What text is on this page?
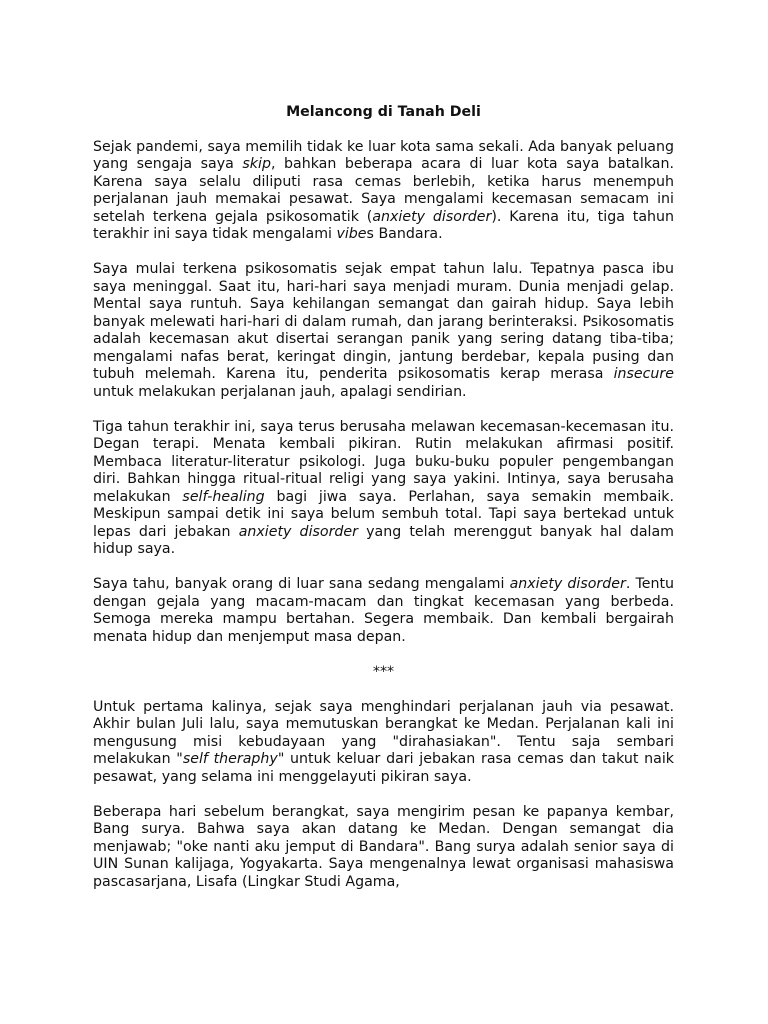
Melancong di Tanah Deli
Sejak pandemi, saya memilih tidak ke luar kota sama sekali. Ada banyak peluang yang sengaja saya skip, bahkan beberapa acara di luar kota saya batalkan. Karena saya selalu diliputi rasa cemas berlebih, ketika harus menempuh perjalanan jauh memakai pesawat. Saya mengalami kecemasan semacam ini setelah terkena gejala psikosomatik (anxiety disorder). Karena itu, tiga tahun terakhir ini saya tidak mengalami vibes Bandara.
Saya mulai terkena psikosomatis sejak empat tahun lalu. Tepatnya pasca ibu saya meninggal. Saat itu, hari-hari saya menjadi muram. Dunia menjadi gelap. Mental saya runtuh. Saya kehilangan semangat dan gairah hidup. Saya lebih banyak melewati hari-hari di dalam rumah, dan jarang berinteraksi. Psikosomatis adalah kecemasan akut disertai serangan panik yang sering datang tiba-tiba; mengalami nafas berat, keringat dingin, jantung berdebar, kepala pusing dan tubuh melemah. Karena itu, penderita psikosomatis kerap merasa insecure untuk melakukan perjalanan jauh, apalagi sendirian.
Tiga tahun terakhir ini, saya terus berusaha melawan kecemasan-kecemasan itu. Degan terapi. Menata kembali pikiran. Rutin melakukan afirmasi positif. Membaca literatur-literatur psikologi. Juga buku-buku populer pengembangan diri. Bahkan hingga ritual-ritual religi yang saya yakini. Intinya, saya berusaha melakukan self-healing bagi jiwa saya. Perlahan, saya semakin membaik. Meskipun sampai detik ini saya belum sembuh total. Tapi saya bertekad untuk lepas dari jebakan anxiety disorder yang telah merenggut banyak hal dalam hidup saya.
Saya tahu, banyak orang di luar sana sedang mengalami anxiety disorder. Tentu dengan gejala yang macam-macam dan tingkat kecemasan yang berbeda. Semoga mereka mampu bertahan. Segera membaik. Dan kembali bergairah menata hidup dan menjemput masa depan.
***
Untuk pertama kalinya, sejak saya menghindari perjalanan jauh via pesawat. Akhir bulan Juli lalu, saya memutuskan berangkat ke Medan. Perjalanan kali ini mengusung misi kebudayaan yang "dirahasiakan". Tentu saja sembari melakukan "self theraphy" untuk keluar dari jebakan rasa cemas dan takut naik pesawat, yang selama ini menggelayuti pikiran saya.
Beberapa hari sebelum berangkat, saya mengirim pesan ke papanya kembar, Bang surya. Bahwa saya akan datang ke Medan. Dengan semangat dia menjawab; "oke nanti aku jemput di Bandara". Bang surya adalah senior saya di UIN Sunan kalijaga, Yogyakarta. Saya mengenalnya lewat organisasi mahasiswa pascasarjana, Lisafa (Lingkar Studi Agama,
